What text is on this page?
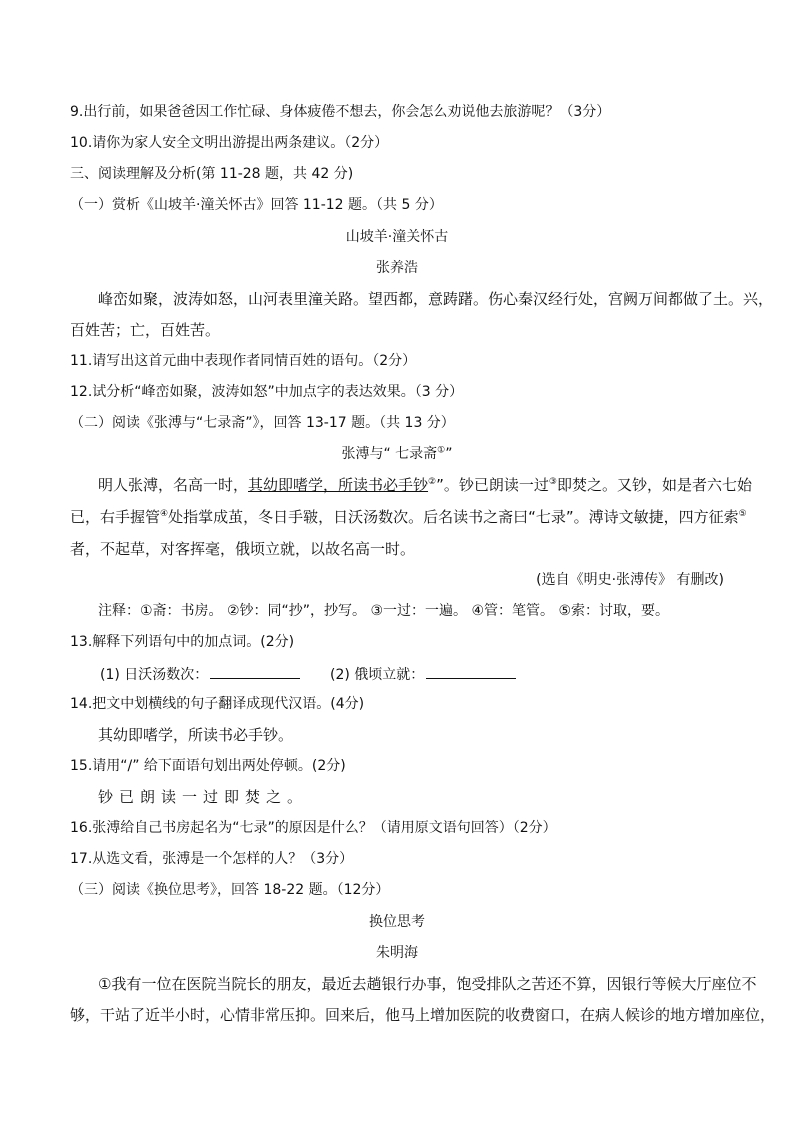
9.出行前，如果爸爸因工作忙碌、身体疲倦不想去，你会怎么劝说他去旅游呢？（3分）
10.请你为家人安全文明出游提出两条建议。（2分）
三、阅读理解及分析(第 11-28 题，共 42 分)
（一）赏析《山坡羊·潼关怀古》回答 11-12 题。（共 5 分）
山坡羊·潼关怀古
张养浩
峰峦如聚，波涛如怒，山河表里潼关路。望西都，意踌躇。伤心秦汉经行处，宫阙万间都做了土。兴，
百姓苦；亡，百姓苦。
11.请写出这首元曲中表现作者同情百姓的语句。（2分）
12.试分析“峰峦如聚，波涛如怒”中加点字的表达效果。（3 分）
（二）阅读《张溥与“七录斋”》，回答 13-17 题。（共 13 分）
张溥与“ 七录斋①”
明人张溥，名高一时，其幼即嗜学，所读书必手钞②”。钞已朗读一过③即焚之。又钞，如是者六七始
已，右手握管④处指掌成茧，冬日手皲，日沃汤数次。后名读书之斋曰“七录”。溥诗文敏捷，四方征索⑤
者，不起草，对客挥毫，俄顷立就，以故名高一时。
(选自《明史·张溥传》 有删改)
注释：①斋：书房。 ②钞：同“抄”，抄写。 ③一过：一遍。 ④管：笔管。 ⑤索：讨取，要。
13.解释下列语句中的加点词。(2分)
(1) 日沃汤数次：	(2) 俄顷立就：
14.把文中划横线的句子翻译成现代汉语。(4分)
其幼即嗜学，所读书必手钞。
15.请用“/” 给下面语句划出两处停顿。(2分)
钞已朗读一过即焚之。
16.张溥给自己书房起名为“七录”的原因是什么？（请用原文语句回答）（2分）
17.从选文看，张溥是一个怎样的人？（3分）
（三）阅读《换位思考》，回答 18-22 题。（12分）
换位思考
朱明海
①我有一位在医院当院长的朋友，最近去趟银行办事，饱受排队之苦还不算，因银行等候大厅座位不
够，干站了近半小时，心情非常压抑。回来后，他马上增加医院的收费窗口，在病人候诊的地方增加座位，
